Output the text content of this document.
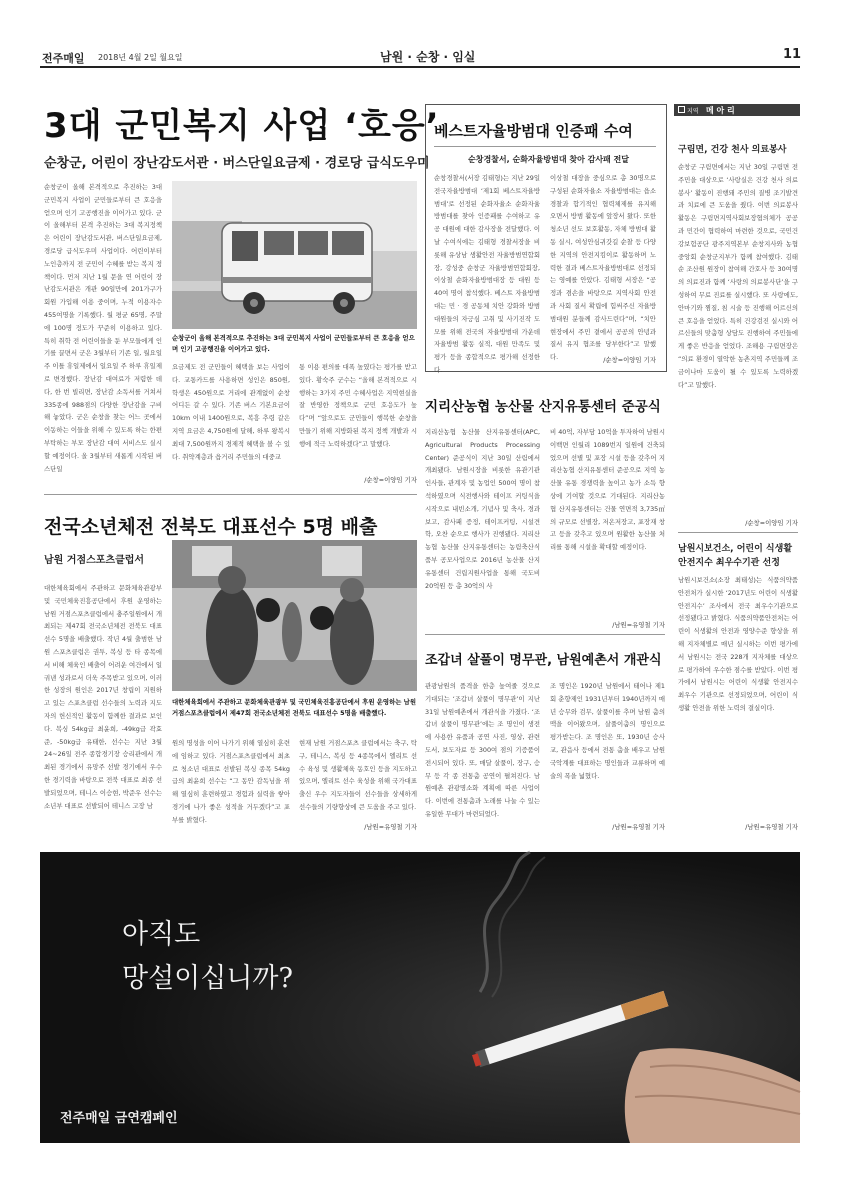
전주매일 2018년 4월 2일 월요일	남원 · 순창 · 임실	11
3대 군민복지 사업 ‘호응’
순창군, 어린이 장난감도서관 · 버스단일요금제 · 경로당 급식도우미
순창군이 올해 본격적으로 추진하는 3대 군민복지 사업이 군민들로부터 큰 호응을 얻으며 인기 고공행진을 이어가고 있다. 군이 올해부터 본격 추진하는 3대 복지정책은 어린이 장난감도서관, 버스단일요금제, 경로당 급식도우미 사업이다. 어린이부터 노인층까지 전 군민이 수혜를 받는 복지 정책이다. 먼저 지난 1월 문을 연 어린이 장난감도서관은 개관 90일만에 201가구가 회원 가입해 이용 중이며, 누적 이용자수 455여명을 기록했다. 월 평균 65명, 주말에 100명 정도가 꾸준히 이용하고 있다. 특히 취학 전 어린이들을 둔 부모들에게 인기를 끌면서 군은 3월부터 기존 일, 월요일 주 이틀 휴일제에서 일요일 주 하루 휴일제로 변경했다. 장난감 대여료가 저렴한 데다, 한 번 빌리면, 장난감 소독서를 거쳐서 335종에 988점의 다양한 장난감을 구비해 놓았다. 군은 순창을 찾는 어느 곳에서 이동하는 이들을 위해 수 있도록 하는 한편 부탁하는 부모 장난감 대여 서비스도 실시할 예정이다. 올 3월부터 새롭게 시작된 버스단일
순창군이 올해 본격적으로 추진하는 3대 군민복지 사업이 군민들로부터 큰 호응을 얻으며 인기 고공행진을 이어가고 있다.
요금제도 전 군민들이 혜택을 보는 사업이다. 교통카드를 사용하면 성인은 850원, 학생은 450원으로 거리에 관계없이 순창 어디든 갈 수 있다. 기존 버스 기본요금이 10km 이내 1400원으로, 복흥 추령 같은 지역 요금은 4,750원에 달해, 하루 왕복시 최대 7,500원까지 경제적 혜택을 볼 수 있다. 취약계층과 읍거리 주민들의 대중교
통 이용 편의를 대폭 높였다는 평가를 받고 있다. 황숙주 군수는 “올해 본격적으로 시행하는 3가지 주민 수혜사업은 지역현실을 잘 반영한 정책으로 군민 호응도가 높다”며 “앞으로도 군민들이 행복한 순창을 만들기 위해 지방화된 복지 정책 개발과 시행에 적극 노력하겠다”고 말했다.
/순창=이양임 기자
전국소년체전 전북도 대표선수 5명 배출
남원 거점스포츠클럽서
대한체육회에서 주관하고 문화체육관광부 및 국민체육진흥공단에서 후원 운영하는 남원 거점스포츠클럽에서 충주일원에서 개최되는 제47회 전국소년체전 전북도 대표선수 5명을 배출했다. 작년 4월 출범한 남원 스포츠클럽은 권투, 복싱 등 타 종목에서 비해 체육인 배출이 어려운 여건에서 일궈낸 성과로서 더욱 주목받고 있으며, 이러한 성장의 원인은 2017년 창립이 지원하고 있는 스포츠클럽 선수들의 노력과 지도자의 헌신적인 활동이 함께한 결과로 보인다. 복싱 54kg급 최윤희, -49kg급 곽효준, -50kg급 유태한, 선수는 지난 3월 24~26일 전주 종합경기장 승리관에서 개최된 경기에서 유망주 선발 경기에서 우수한 경기력을 바탕으로 전북 대표로 최종 선발되었으며, 테니스 이승현, 박준우 선수는 소년부 대표로 선발되어 테니스 고장 남
대한체육회에서 주관하고 문화체육관광부 및 국민체육진흥공단에서 후원 운영하는 남원 거점스포츠클럽에서 제47회 전국소년체전 전북도 대표선수 5명을 배출했다.
원의 명성을 이어 나가기 위해 열심히 훈련에 임하고 있다. 거점스포츠클럽에서 최초로 청소년 대표로 선발된 복싱 종목 54kg급의 최윤희 선수는 “그 동안 감독님을 위해 열심히 훈련하였고 경험과 실력을 쌓아 경기에 나가 좋은 성적을 거두겠다”고 포부를 밝혔다.
현재 남원 거점스포츠 클럽에서는 축구, 탁구, 테니스, 복싱 등 4종목에서 엘리트 선수 육성 및 생활체육 동호인 등을 지도하고 있으며, 엘리트 선수 육성을 위해 국가대표 출신 우수 지도자들이 선수들을 상세하게 선수들의 기량향상에 큰 도움을 주고 있다.
/남원=유영철 기자
베스트자율방범대 인증패 수여
순창경찰서, 순화자율방범대 찾아 감사패 전달
순창경찰서(서장 김태형)는 지난 29일 전국자율방범대 ‘제1회 베스트자율방범대’로 선정된 순화자율소 순화자율방범대를 찾아 인증패를 수여하고 유공 대원에 대한 감사장을 전달했다. 이날 수여식에는 김태형 경찰서장을 비롯해 유상남 생활안전 자율방범연합회장, 강성중 순창군 자율방범연합회장, 이상철 순화자율방범대장 등 대원 등 40여 명이 참석했다. 베스트 자율방범대는 민 · 경 공동체 치안 강화와 방범대원들의 자긍심 고취 및 사기진작 도모를 위해 전국의 자율방범대 가운데 자율방범 활동 실적, 대원 만족도 및 평가 등을 종합적으로 평가해 선정한다.
이상철 대장을 중심으로 총 30명으로 구성된 순화자율소 자율방범대는 읍소 경찰과 합기적인 협력체제를 유지해 오면서 방범 활동에 앞장서 왔다. 또한 청소년 선도 보호활동, 자체 방범대 활동 실시, 여성안심귀갓길 순찰 등 다양한 지역의 안전지킴이로 활동하며 노력한 결과 베스트자율방범대로 선정되는 영예를 안았다. 김태형 서장은 “공정과 겸손을 바탕으로 지역사회 안전과 사회 질서 확립에 힘써주신 자율방범대원 분들께 감사드린다”며, “치안 현장에서 주민 곁에서 공공의 안녕과 질서 유지 협조를 당부한다”고 말했다.	/순창=이양임 기자
지리산농협 농산물 산지유통센터 준공식
지리산농협 농산물 산지유통센터(APC, Agricultural Products Processing Center) 준공식이 지난 30일 산림에서 개최됐다. 남원시장을 비롯한 유관기관 인사들, 관계자 및 농업인 500여 명이 참석하였으며 식전행사와 테이프 커팅식을 시작으로 내빈소개, 기념사 및 축사, 경과보고, 감사패 증정, 테이프커팅, 시설견학, 오찬 순으로 행사가 진행됐다. 지리산농협 농산물 산지유통센터는 농림축산식품부 공모사업으로 2016년 농산물 산지유통센터 건립지원사업을 통해 국도비 20억원 등 총 30억의 사
비 40억, 자부담 10억을 투자하여 남원시 이백면 인월리 1089번지 일원에 건축되었으며 선별 및 포장 시설 등을 갖추어 지리산농협 산지유통센터 준공으로 지역 농산물 유통 경쟁력을 높이고 농가 소득 향상에 기여할 것으로 기대된다. 지리산농협 산지유통센터는 건물 연면적 3,735㎡의 규모로 선별장, 저온저장고, 포장재 창고 등을 갖추고 있으며 원활한 농산물 처리를 통해 시설을 확대할 예정이다.
/남원=유영철 기자
조갑녀 살풀이 명무관, 남원예촌서 개관식
관광남원의 품격을 한층 높여줄 것으로 기대되는 ‘조갑녀 살풀이 명무관’이 지난 31일 남원예촌에서 개관식을 가졌다. ‘조갑녀 살풀이 명무관’에는 조 명인이 생전에 사용한 유품과 공연 사진, 영상, 관련 도서, 보도자료 등 300여 점의 기증품이 전시되어 있다. 또, 매달 살풀이, 장구, 승무 등 각 종 전통춤 공연이 펼쳐진다. 남원예촌 관광명소화 계획에 따른 사업이다. 이번에 전통춤과 노래를 나눌 수 있는 유일한 무대가 마련되었다.
조 명인은 1920년 남원에서 태어나 제1회 춘향제인 1931년부터 1940년까지 매년 승무와 검무, 살풀이를 추며 남원 춤의 맥을 이어왔으며, 살풀이춤의 명인으로 평가받는다. 조 명인은 또, 1930년 승사교, 관음사 등에서 전통 춤을 배우고 남원 국악계를 대표하는 명인들과 교류하며 예술의 폭을 넓혔다.
/남원=유영철 기자
지역 메 아 리
구림면, 건강 천사 의료봉사
순창군 구림면에서는 지난 30일 구림면 전 주민을 대상으로 ‘사랑실은 건강 천사 의료봉사’ 활동이 진행돼 주민의 질병 조기발견과 치료에 큰 도움을 줬다. 이번 의료봉사 활동은 구림면지역사회보장협의체가 공공과 민간이 협력하여 마련한 것으로, 국민건강보험공단 광주지역본부 순창지사와 농협중앙회 순창군지부가 함께 참여했다. 김태순 조산원 원장이 참여해 간호사 등 30여명의 의료진과 함께 ‘사랑의 의료봉사단’을 구성하여 무료 진료를 실시했다. 또 사랑에도, 안마기와 찜질, 침 시술 등 진행해 어르신의 큰 호응을 얻었다. 특히 건강검진 실시와 어르신들의 맞춤형 상담도 진행하여 주민들에게 좋은 반응을 얻었다. 조해용 구림면장은 “의료 환경이 열악한 농촌지역 주민들께 조금이나마 도움이 될 수 있도록 노력하겠다”고 말했다.
/순창=이양임 기자
남원시보건소, 어린이 식생활 안전지수 최우수기관 선정
남원시보건소(소장 최태성)는 식품의약품안전처가 실시한 ‘2017년도 어린이 식생활 안전지수’ 조사에서 전국 최우수기관으로 선정됐다고 밝혔다. 식품의약품안전처는 어린이 식생활의 안전과 영양수준 향상을 위해 지자체별로 매년 실시하는 이번 평가에서 남원시는 전국 228개 지자체를 대상으로 평가하여 우수한 점수를 받았다. 이번 평가에서 남원시는 어린이 식생활 안전지수 최우수 기관으로 선정되었으며, 어린이 식생활 안전을 위한 노력의 결실이다.
/남원=유영철 기자
아직도
망설이십니까?
전주매일 금연캠페인
